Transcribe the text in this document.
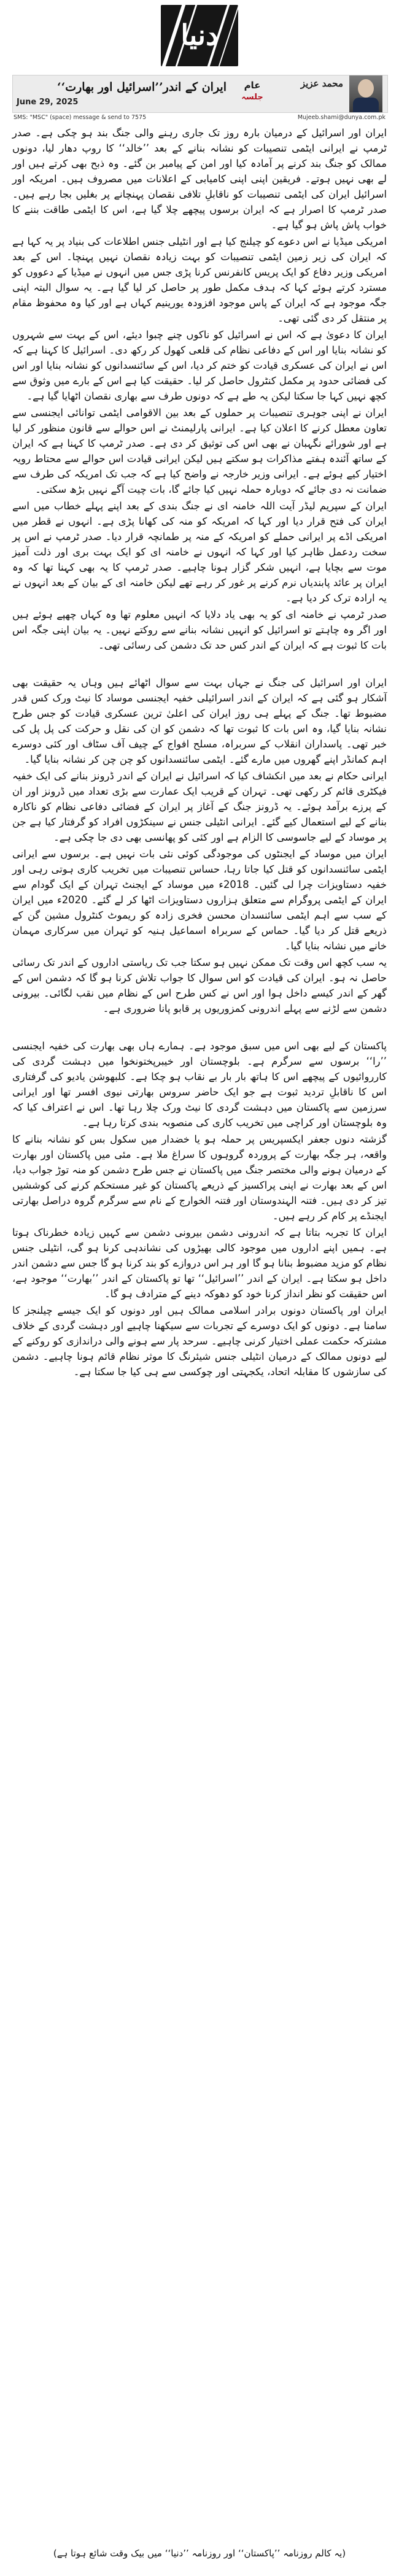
دنیا
محمد عزیز
عام
جلسہ
ایران کے اندر’’اسرائیل اور بھارت‘‘
June 29, 2025
SMS: "MSC" (space) message & send to 7575	Mujeeb.shami@dunya.com.pk

ایران اور اسرائیل کے درمیان بارہ روز تک جاری رہنے والی جنگ بند ہو چکی ہے۔ صدر ٹرمپ نے ایرانی ایٹمی تنصیبات کو نشانہ بنانے کے بعد ’’خالد‘‘ کا روپ دھار لیا، دونوں ممالک کو جنگ بند کرنے پر آمادہ کیا اور امن کے پیامبر بن گئے۔ وہ ذبح بھی کرتے ہیں اور لے بھی نہیں ہوتے۔ فریقین اپنی اپنی کامیابی کے اعلانات میں مصروف ہیں۔ امریکہ اور اسرائیل ایران کی ایٹمی تنصیبات کو ناقابلِ تلافی نقصان پہنچانے پر بغلیں بجا رہے ہیں۔ صدر ٹرمپ کا اصرار ہے کہ ایران برسوں پیچھے چلا گیا ہے، اس کا ایٹمی طاقت بننے کا خواب پاش پاش ہو گیا ہے۔

امریکی میڈیا نے اس دعوے کو چیلنج کیا ہے اور انٹیلی جنس اطلاعات کی بنیاد پر یہ کہا ہے کہ ایران کی زیر زمین ایٹمی تنصیبات کو بہت زیادہ نقصان نہیں پہنچا۔ اس کے بعد امریکی وزیر دفاع کو ایک پریس کانفرنس کرنا پڑی جس میں انہوں نے میڈیا کے دعووں کو مسترد کرتے ہوئے کہا کہ ہدف مکمل طور پر حاصل کر لیا گیا ہے۔ یہ سوال البتہ اپنی جگہ موجود ہے کہ ایران کے پاس موجود افزودہ یورینیم کہاں ہے اور کیا وہ محفوظ مقام پر منتقل کر دی گئی تھی۔

ایران کا دعویٰ ہے کہ اس نے اسرائیل کو ناکوں چنے چبوا دیئے، اس کے بہت سے شہروں کو نشانہ بنایا اور اس کے دفاعی نظام کی قلعی کھول کر رکھ دی۔ اسرائیل کا کہنا ہے کہ اس نے ایران کی عسکری قیادت کو ختم کر دیا، اس کے سائنسدانوں کو نشانہ بنایا اور اس کی فضائی حدود پر مکمل کنٹرول حاصل کر لیا۔ حقیقت کیا ہے اس کے بارے میں وثوق سے کچھ نہیں کہا جا سکتا لیکن یہ طے ہے کہ دونوں طرف سے بھاری نقصان اٹھایا گیا ہے۔

ایران نے اپنی جوہری تنصیبات پر حملوں کے بعد بین الاقوامی ایٹمی توانائی ایجنسی سے تعاون معطل کرنے کا اعلان کیا ہے۔ ایرانی پارلیمنٹ نے اس حوالے سے قانون منظور کر لیا ہے اور شورائے نگہبان نے بھی اس کی توثیق کر دی ہے۔ صدر ٹرمپ کا کہنا ہے کہ ایران کے ساتھ آئندہ ہفتے مذاکرات ہو سکتے ہیں لیکن ایرانی قیادت اس حوالے سے محتاط رویہ اختیار کیے ہوئے ہے۔ ایرانی وزیر خارجہ نے واضح کیا ہے کہ جب تک امریکہ کی طرف سے ضمانت نہ دی جائے کہ دوبارہ حملہ نہیں کیا جائے گا، بات چیت آگے نہیں بڑھ سکتی۔

ایران کے سپریم لیڈر آیت اللہ خامنہ ای نے جنگ بندی کے بعد اپنے پہلے خطاب میں اسے ایران کی فتح قرار دیا اور کہا کہ امریکہ کو منہ کی کھانا پڑی ہے۔ انہوں نے قطر میں امریکی اڈے پر ایرانی حملے کو امریکہ کے منہ پر طمانچہ قرار دیا۔ صدر ٹرمپ نے اس پر سخت ردعمل ظاہر کیا اور کہا کہ انہوں نے خامنہ ای کو ایک بہت بری اور ذلت آمیز موت سے بچایا ہے، انہیں شکر گزار ہونا چاہیے۔ صدر ٹرمپ کا یہ بھی کہنا تھا کہ وہ ایران پر عائد پابندیاں نرم کرنے پر غور کر رہے تھے لیکن خامنہ ای کے بیان کے بعد انہوں نے یہ ارادہ ترک کر دیا ہے۔

صدر ٹرمپ نے خامنہ ای کو یہ بھی یاد دلایا کہ انہیں معلوم تھا وہ کہاں چھپے ہوئے ہیں اور اگر وہ چاہتے تو اسرائیل کو انہیں نشانہ بنانے سے روکتے نہیں۔ یہ بیان اپنی جگہ اس بات کا ثبوت ہے کہ ایران کے اندر کس حد تک دشمن کی رسائی تھی۔

ایران اور اسرائیل کی جنگ نے جہاں بہت سے سوال اٹھائے ہیں وہاں یہ حقیقت بھی آشکار ہو گئی ہے کہ ایران کے اندر اسرائیلی خفیہ ایجنسی موساد کا نیٹ ورک کس قدر مضبوط تھا۔ جنگ کے پہلے ہی روز ایران کی اعلیٰ ترین عسکری قیادت کو جس طرح نشانہ بنایا گیا، وہ اس بات کا ثبوت تھا کہ دشمن کو ان کی نقل و حرکت کی پل پل کی خبر تھی۔ پاسداران انقلاب کے سربراہ، مسلح افواج کے چیف آف سٹاف اور کئی دوسرے اہم کمانڈر اپنے گھروں میں مارے گئے۔ ایٹمی سائنسدانوں کو چن چن کر نشانہ بنایا گیا۔

ایرانی حکام نے بعد میں انکشاف کیا کہ اسرائیل نے ایران کے اندر ڈرونز بنانے کی ایک خفیہ فیکٹری قائم کر رکھی تھی۔ تہران کے قریب ایک عمارت سے بڑی تعداد میں ڈرونز اور ان کے پرزے برآمد ہوئے۔ یہ ڈرونز جنگ کے آغاز پر ایران کے فضائی دفاعی نظام کو ناکارہ بنانے کے لیے استعمال کیے گئے۔ ایرانی انٹیلی جنس نے سینکڑوں افراد کو گرفتار کیا ہے جن پر موساد کے لیے جاسوسی کا الزام ہے اور کئی کو پھانسی بھی دی جا چکی ہے۔

ایران میں موساد کے ایجنٹوں کی موجودگی کوئی نئی بات نہیں ہے۔ برسوں سے ایرانی ایٹمی سائنسدانوں کو قتل کیا جاتا رہا، حساس تنصیبات میں تخریب کاری ہوتی رہی اور خفیہ دستاویزات چرا لی گئیں۔ 2018ء میں موساد کے ایجنٹ تہران کے ایک گودام سے ایران کے ایٹمی پروگرام سے متعلق ہزاروں دستاویزات اٹھا کر لے گئے۔ 2020ء میں ایران کے سب سے اہم ایٹمی سائنسدان محسن فخری زادہ کو ریموٹ کنٹرول مشین گن کے ذریعے قتل کر دیا گیا۔ حماس کے سربراہ اسماعیل ہنیہ کو تہران میں سرکاری مہمان خانے میں نشانہ بنایا گیا۔

یہ سب کچھ اس وقت تک ممکن نہیں ہو سکتا جب تک ریاستی اداروں کے اندر تک رسائی حاصل نہ ہو۔ ایران کی قیادت کو اس سوال کا جواب تلاش کرنا ہو گا کہ دشمن اس کے گھر کے اندر کیسے داخل ہوا اور اس نے کس طرح اس کے نظام میں نقب لگائی۔ بیرونی دشمن سے لڑنے سے پہلے اندرونی کمزوریوں پر قابو پانا ضروری ہے۔

پاکستان کے لیے بھی اس میں سبق موجود ہے۔ ہمارے ہاں بھی بھارت کی خفیہ ایجنسی ’’را‘‘ برسوں سے سرگرم ہے۔ بلوچستان اور خیبرپختونخوا میں دہشت گردی کی کارروائیوں کے پیچھے اس کا ہاتھ بار بار بے نقاب ہو چکا ہے۔ کلبھوشن یادیو کی گرفتاری اس کا ناقابلِ تردید ثبوت ہے جو ایک حاضر سروس بھارتی نیوی افسر تھا اور ایرانی سرزمین سے پاکستان میں دہشت گردی کا نیٹ ورک چلا رہا تھا۔ اس نے اعتراف کیا کہ وہ بلوچستان اور کراچی میں تخریب کاری کی منصوبہ بندی کرتا رہا ہے۔

گزشتہ دنوں جعفر ایکسپریس پر حملہ ہو یا خضدار میں سکول بس کو نشانہ بنانے کا واقعہ، ہر جگہ بھارت کے پروردہ گروہوں کا سراغ ملا ہے۔ مئی میں پاکستان اور بھارت کے درمیان ہونے والی مختصر جنگ میں پاکستان نے جس طرح دشمن کو منہ توڑ جواب دیا، اس کے بعد بھارت نے اپنی پراکسیز کے ذریعے پاکستان کو غیر مستحکم کرنے کی کوششیں تیز کر دی ہیں۔ فتنہ الہندوستان اور فتنہ الخوارج کے نام سے سرگرم گروہ دراصل بھارتی ایجنڈے پر کام کر رہے ہیں۔

ایران کا تجربہ بتاتا ہے کہ اندرونی دشمن بیرونی دشمن سے کہیں زیادہ خطرناک ہوتا ہے۔ ہمیں اپنے اداروں میں موجود کالی بھیڑوں کی نشاندہی کرنا ہو گی، انٹیلی جنس نظام کو مزید مضبوط بنانا ہو گا اور ہر اس دروازے کو بند کرنا ہو گا جس سے دشمن اندر داخل ہو سکتا ہے۔ ایران کے اندر ’’اسرائیل‘‘ تھا تو پاکستان کے اندر ’’بھارت‘‘ موجود ہے، اس حقیقت کو نظر انداز کرنا خود کو دھوکہ دینے کے مترادف ہو گا۔

ایران اور پاکستان دونوں برادر اسلامی ممالک ہیں اور دونوں کو ایک جیسے چیلنجز کا سامنا ہے۔ دونوں کو ایک دوسرے کے تجربات سے سیکھنا چاہیے اور دہشت گردی کے خلاف مشترکہ حکمت عملی اختیار کرنی چاہیے۔ سرحد پار سے ہونے والی دراندازی کو روکنے کے لیے دونوں ممالک کے درمیان انٹیلی جنس شیئرنگ کا موثر نظام قائم ہونا چاہیے۔ دشمن کی سازشوں کا مقابلہ اتحاد، یکجہتی اور چوکسی سے ہی کیا جا سکتا ہے۔

(یہ کالم روزنامہ ’’پاکستان‘‘ اور روزنامہ ’’دنیا‘‘ میں بیک وقت شائع ہوتا ہے)
